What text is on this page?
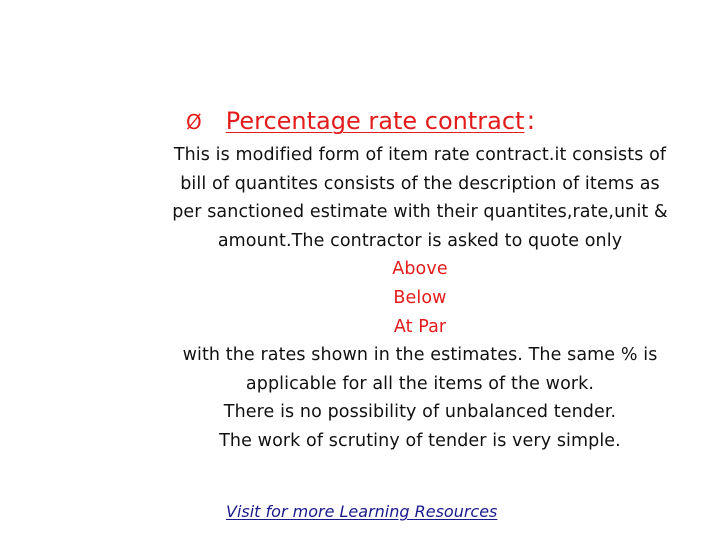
Ø Percentage rate contract :
This is modified form of item rate contract.it consists of
bill of quantites consists of the description of items as
per sanctioned estimate with their quantites,rate,unit &
amount.The contractor is asked to quote only
Above
Below
At Par
with the rates shown in the estimates. The same % is
applicable for all the items of the work.
There is no possibility of unbalanced tender.
The work of scrutiny of tender is very simple.
Visit for more Learning Resources
